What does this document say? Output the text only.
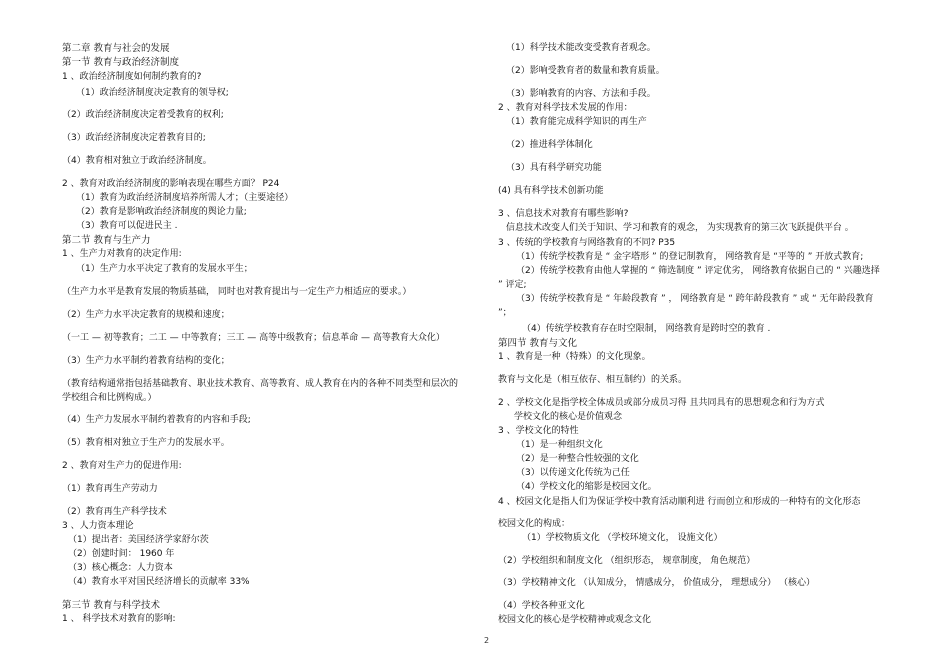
第二章 教育与社会的发展
第一节 教育与政治经济制度
1 、政治经济制度如何制约教育的?
（1）政治经济制度决定教育的领导权;
（2）政治经济制度决定着受教育的权利;
（3）政治经济制度决定着教育目的;
（4）教育相对独立于政治经济制度。
2 、教育对政治经济制度的影响表现在哪些方面？ P24
（1）教育为政治经济制度培养所需人才；（主要途径）
（2）教育是影响政治经济制度的舆论力量;
（3）教育可以促进民主 .
第二节 教育与生产力
1 、生产力对教育的决定作用:
（1）生产力水平决定了教育的发展水平生；
（生产力水平是教育发展的物质基础， 同时也对教育提出与一定生产力相适应的要求。）
（2）生产力水平决定教育的规模和速度；
（一工 — 初等教育；二工 — 中等教育；三工 — 高等中级教育；信息革命 — 高等教育大众化）
（3）生产力水平制约着教育结构的变化；
（教育结构通常指包括基础教育、职业技术教育、高等教育、成人教育在内的各种不同类型和层次的
学校组合和比例构成。）
（4）生产力发展水平制约着教育的内容和手段;
（5）教育相对独立于生产力的发展水平。
2 、教育对生产力的促进作用:
（1）教育再生产劳动力
（2）教育再生产科学技术
3 、人力资本理论
（1）提出者：美国经济学家舒尔茨
（2）创建时间： 1960 年
（3）核心概念：人力资本
（4）教育水平对国民经济增长的贡献率 33%
第三节 教育与科学技术
1 、 科学技术对教育的影响:
（1）科学技术能改变受教育者观念。
（2）影响受教育者的数量和教育质量。
（3）影响教育的内容、方法和手段。
2 、教育对科学技术发展的作用：
（1）教育能完成科学知识的再生产
（2）推进科学体制化
（3）具有科学研究功能
(4) 具有科学技术创新功能
3 、信息技术对教育有哪些影响?
信息技术改变人们关于知识、学习和教育的观念， 为实现教育的第三次飞跃提供平台 。
3 、传统的学校教育与网络教育的不同? P35
（1）传统学校教育是 “ 金字塔形 ” 的登记制教育， 网络教育是 “平等的 ” 开放式教育;
（2）传统学校教育由他人掌握的 “ 筛选制度 ” 评定优劣， 网络教育依据自己的 “ 兴趣选择
” 评定;
（3）传统学校教育是 “ 年龄段教育 ” ， 网络教育是 “ 跨年龄段教育 ” 或 “ 无年龄段教育
”；
（4）传统学校教育存在时空限制， 网络教育是跨时空的教育 .
第四节 教育与文化
1 、教育是一种（特殊）的文化现象。
教育与文化是（相互依存、相互制约）的关系。
2 、学校文化是指学校全体成员或部分成员习得 且共同具有的思想观念和行为方式
学校文化的核心是价值观念
3 、学校文化的特性
（1）是一种组织文化
（2）是一种整合性较强的文化
（3）以传递文化传统为己任
（4）学校文化的缩影是校园文化。
4 、校园文化是指人们为保证学校中教育活动顺利进 行而创立和形成的一种特有的文化形态
校园文化的构成：
（1）学校物质文化 （学校环境文化， 设施文化）
（2）学校组织和制度文化 （组织形态， 规章制度， 角色规范）
（3）学校精神文化 （认知成分， 情感成分， 价值成分， 理想成分） （核心）
（4）学校各种亚文化
校园文化的核心是学校精神或观念文化
2
